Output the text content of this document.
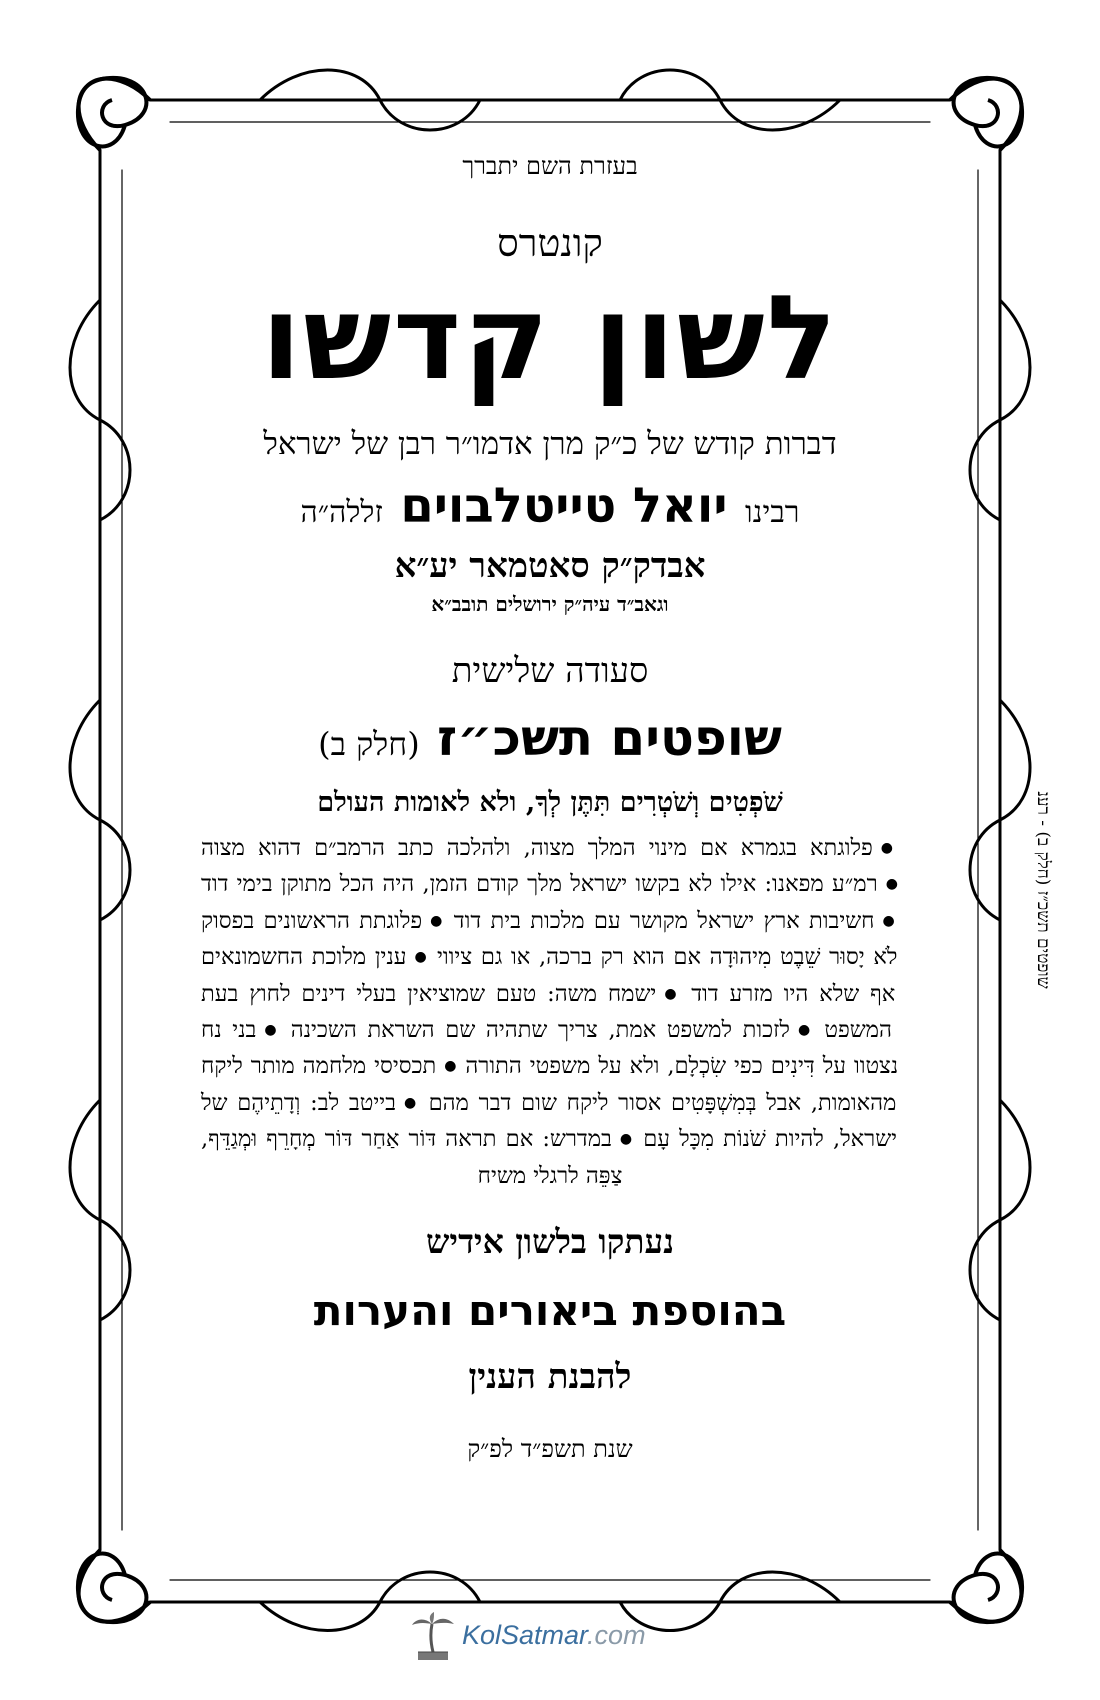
בעזרת השם יתברך

קונטרס

לשון קדשו

דברות קודש של כ״ק מרן אדמו״ר רבן של ישראל

רבינו יואל טייטלבוים זללה״ה

אבדק״ק סאטמאר יע״א

וגאב״ד עיה״ק ירושלים תובב״א

סעודה שלישית

שופטים תשכ״ז (חלק ב)

שֹׁפְטִים וְשֹׁטְרִים תִּתֶּן לְךָ, ולא לאומות העולם

● פלוגתא בגמרא אם מינוי המלך מצוה, ולהלכה כתב הרמב״ם דהוא מצוה ● רמ״ע מפאנו: אילו לא בקשו ישראל מלך קודם הזמן, היה הכל מתוקן בימי דוד ● חשיבות ארץ ישראל מקושר עם מלכות בית דוד ● פלוגתת הראשונים בפסוק לֹא יָסוּר שֵׁבֶט מִיהוּדָה אם הוא רק ברכה, או גם ציווי ● ענין מלוכת החשמונאים אף שלא היו מזרע דוד ● ישמח משה: טעם שמוציאין בעלי דינים לחוץ בעת המשפט ● לזכות למשפט אמת, צריך שתהיה שם השראת השכינה ● בני נח נצטוו על דִּינִים כפי שִׂכְלָם, ולא על משפטי התורה ● תכסיסי מלחמה מותר ליקח מהאומות, אבל בְּמִשְׁפָּטִים אסור ליקח שום דבר מהם ● בייטב לב: וְדָתֵיהֶם של ישראל, להיות שֹׁנוֹת מִכָּל עָם ● במדרש: אם תראה דּוֹר אַחַר דּוֹר מְחָרֵף וּמְגַדֵּף, צַפֵּה לרגלי משיח

נעתקו בלשון אידיש

בהוספת ביאורים והערות

להבנת הענין

שנת תשפ״ד לפ״ק

שופטים תשכ״ז (חלק ב) - רענ
KolSatmar.com
